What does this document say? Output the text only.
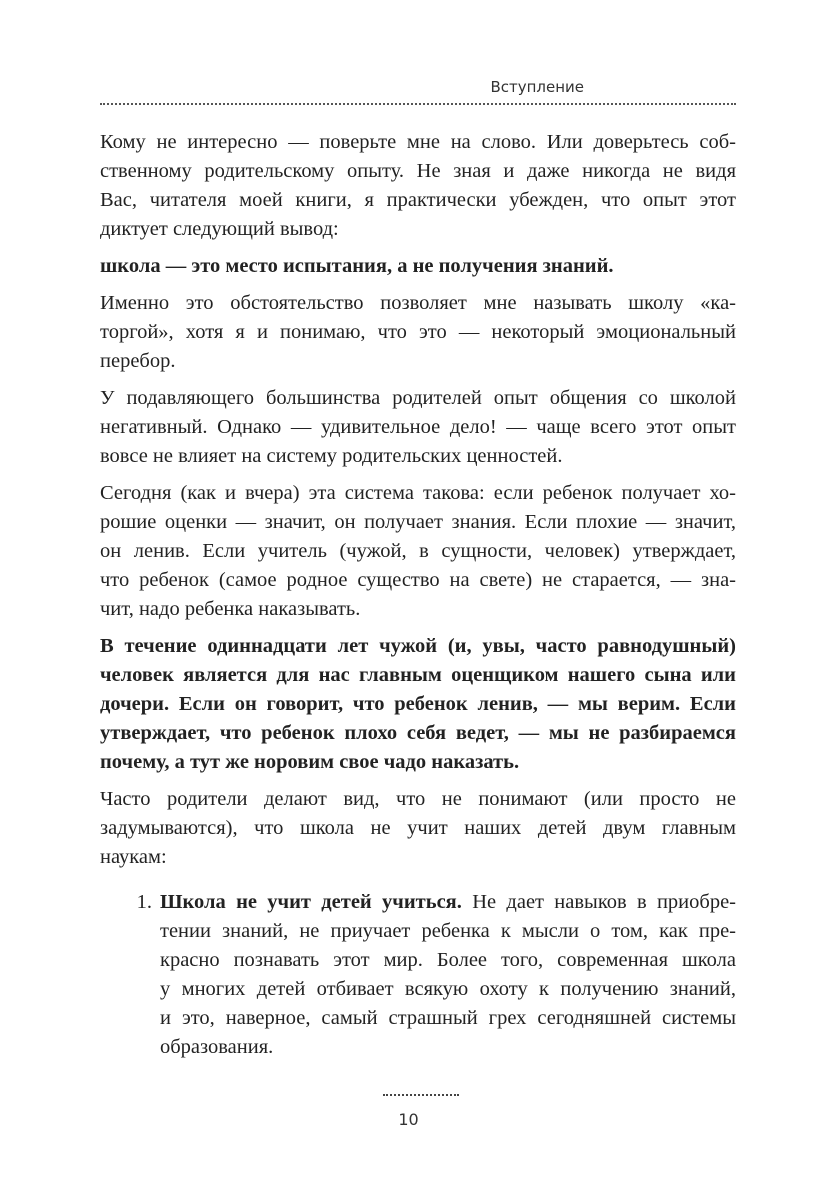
Вступление
Кому не интересно — поверьте мне на слово. Или доверьтесь соб-
ственному родительскому опыту. Не зная и даже никогда не видя
Вас, читателя моей книги, я практически убежден, что опыт этот
диктует следующий вывод:
школа — это место испытания, а не получения знаний.
Именно это обстоятельство позволяет мне называть школу «ка-
торгой», хотя я и понимаю, что это — некоторый эмоциональный
перебор.
У подавляющего большинства родителей опыт общения со школой
негативный. Однако — удивительное дело! — чаще всего этот опыт
вовсе не влияет на систему родительских ценностей.
Сегодня (как и вчера) эта система такова: если ребенок получает хо-
рошие оценки — значит, он получает знания. Если плохие — значит,
он ленив. Если учитель (чужой, в сущности, человек) утверждает,
что ребенок (самое родное существо на свете) не старается, — зна-
чит, надо ребенка наказывать.
В течение одиннадцати лет чужой (и, увы, часто равнодушный)
человек является для нас главным оценщиком нашего сына или
дочери. Если он говорит, что ребенок ленив, — мы верим. Если
утверждает, что ребенок плохо себя ведет, — мы не разбираемся
почему, а тут же норовим свое чадо наказать.
Часто родители делают вид, что не понимают (или просто не
задумываются), что школа не учит наших детей двум главным
наукам:
1. Школа не учит детей учиться. Не дает навыков в приобре-
тении знаний, не приучает ребенка к мысли о том, как пре-
красно познавать этот мир. Более того, современная школа
у многих детей отбивает всякую охоту к получению знаний,
и это, наверное, самый страшный грех сегодняшней системы
образования.
10
